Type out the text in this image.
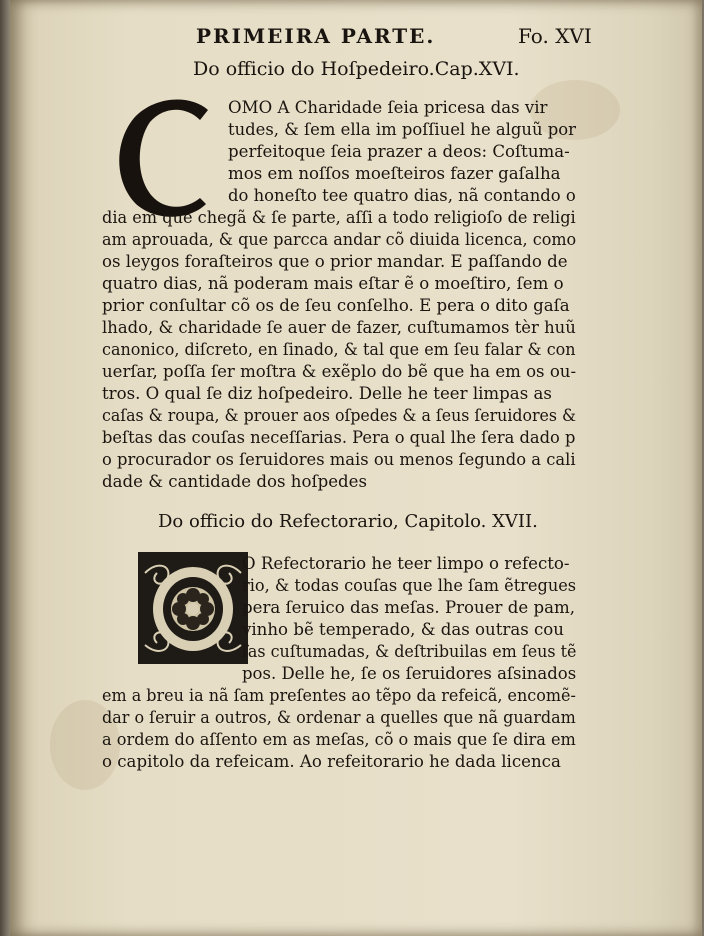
PRIMEIRA PARTE.	Fo. XVI
Do officio do Hoſpedeiro.Cap.XVI.
OMO A Charidade ſeia pricesa das vir
tudes, & ſem ella im poſſiuel he alguũ por
perfeitoque ſeia prazer a deos: Coſtuma-
mos em noſſos moeſteiros fazer gaſalha
do honeſto tee quatro dias, nã contando o
dia em que chegã & ſe parte, aſſi a todo religioſo de religi
am aprouada, & que parcca andar cõ diuida licenca, como
os leygos foraſteiros que o prior mandar. E paſſando de
quatro dias, nã poderam mais eſtar ẽ o moeſtiro, ſem o
prior conſultar cõ os de ſeu conſelho. E pera o dito gaſa
lhado, & charidade ſe auer de fazer, cuſtumamos tèr huũ
canonico, diſcreto, en ſinado, & tal que em ſeu falar & con
uerſar, poſſa ſer moſtra & exẽplo do bẽ que ha em os ou-
tros. O qual ſe diz hoſpedeiro. Delle he teer limpas as
caſas & roupa, & prouer aos oſpedes & a ſeus ſeruidores &
beſtas das couſas neceſſarias. Pera o qual lhe ſera dado p
o procurador os ſeruidores mais ou menos ſegundo a cali
dade & cantidade dos hoſpedes
Do officio do Refectorario, Capitolo. XVII.
O Refectorario he teer limpo o refecto-
rio, & todas couſas que lhe ſam ẽtregues
pera ſeruico das meſas. Prouer de pam,
vinho bẽ temperado, & das outras cou
ſas cuſtumadas, & deſtribuilas em ſeus tẽ
pos. Delle he, ſe os ſeruidores aſsinados
em a breu ia nã ſam preſentes ao tẽpo da refeicã, encomẽ-
dar o ſeruir a outros, & ordenar a quelles que nã guardam
a ordem do aſſento em as meſas, cõ o mais que ſe dira em
o capitolo da refeicam. Ao refeitorario he dada licenca
